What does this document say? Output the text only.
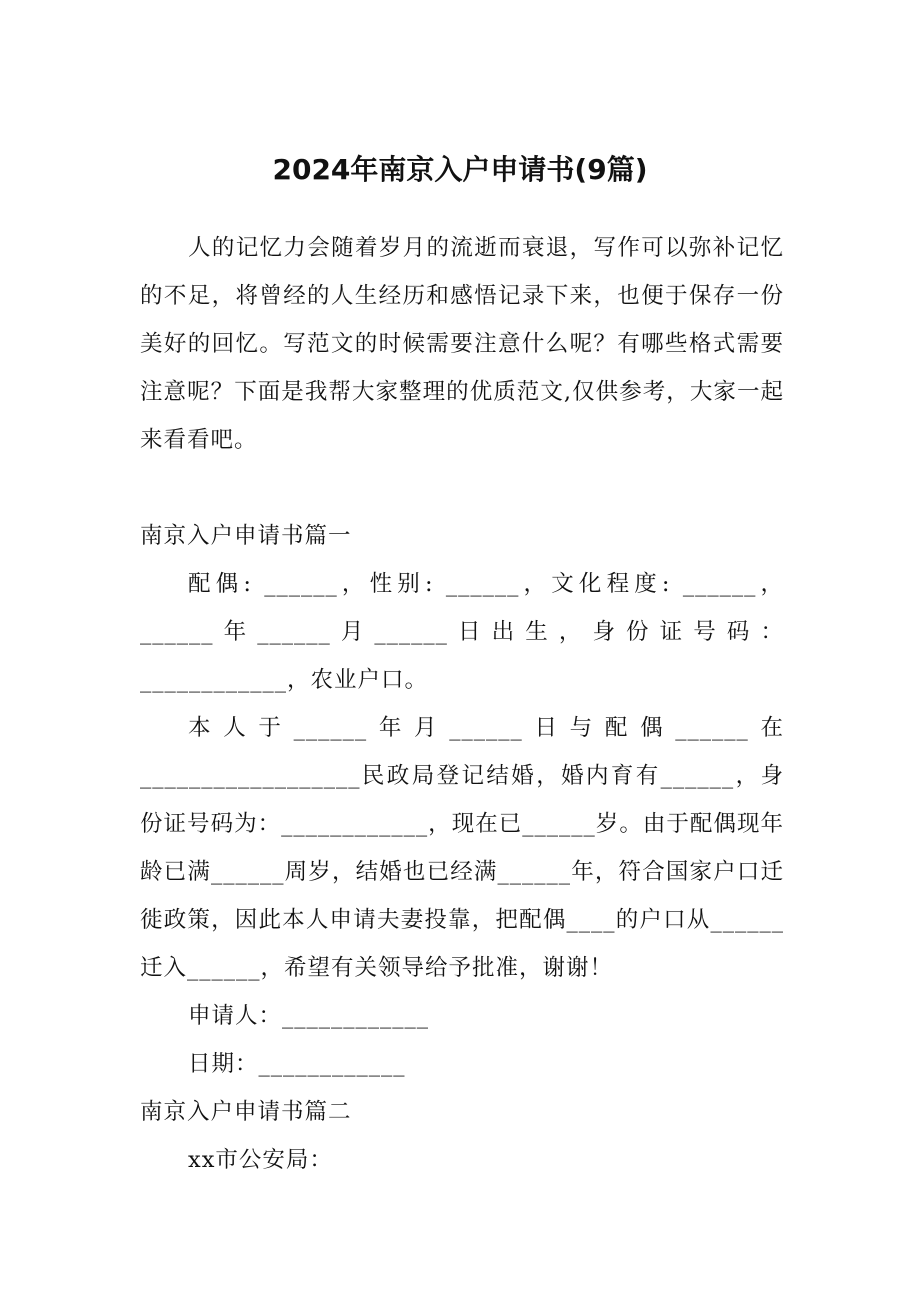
2024年南京入户申请书(9篇)

人的记忆力会随着岁月的流逝而衰退，写作可以弥补记忆的不足，将曾经的人生经历和感悟记录下来，也便于保存一份美好的回忆。写范文的时候需要注意什么呢？有哪些格式需要注意呢？下面是我帮大家整理的优质范文,仅供参考，大家一起来看看吧。

南京入户申请书篇一

配偶: ______，性别: ______，文化程度: ______，______年______月______日出生，身份证号码：____________，农业户口。

本人于______年月______日与配偶______在__________________民政局登记结婚，婚内育有______，身份证号码为：____________，现在已______岁。由于配偶现年龄已满______周岁，结婚也已经满______年，符合国家户口迁徙政策，因此本人申请夫妻投靠，把配偶____的户口从______迁入______，希望有关领导给予批准，谢谢！

申请人：____________

日期：____________

南京入户申请书篇二

xx市公安局：
